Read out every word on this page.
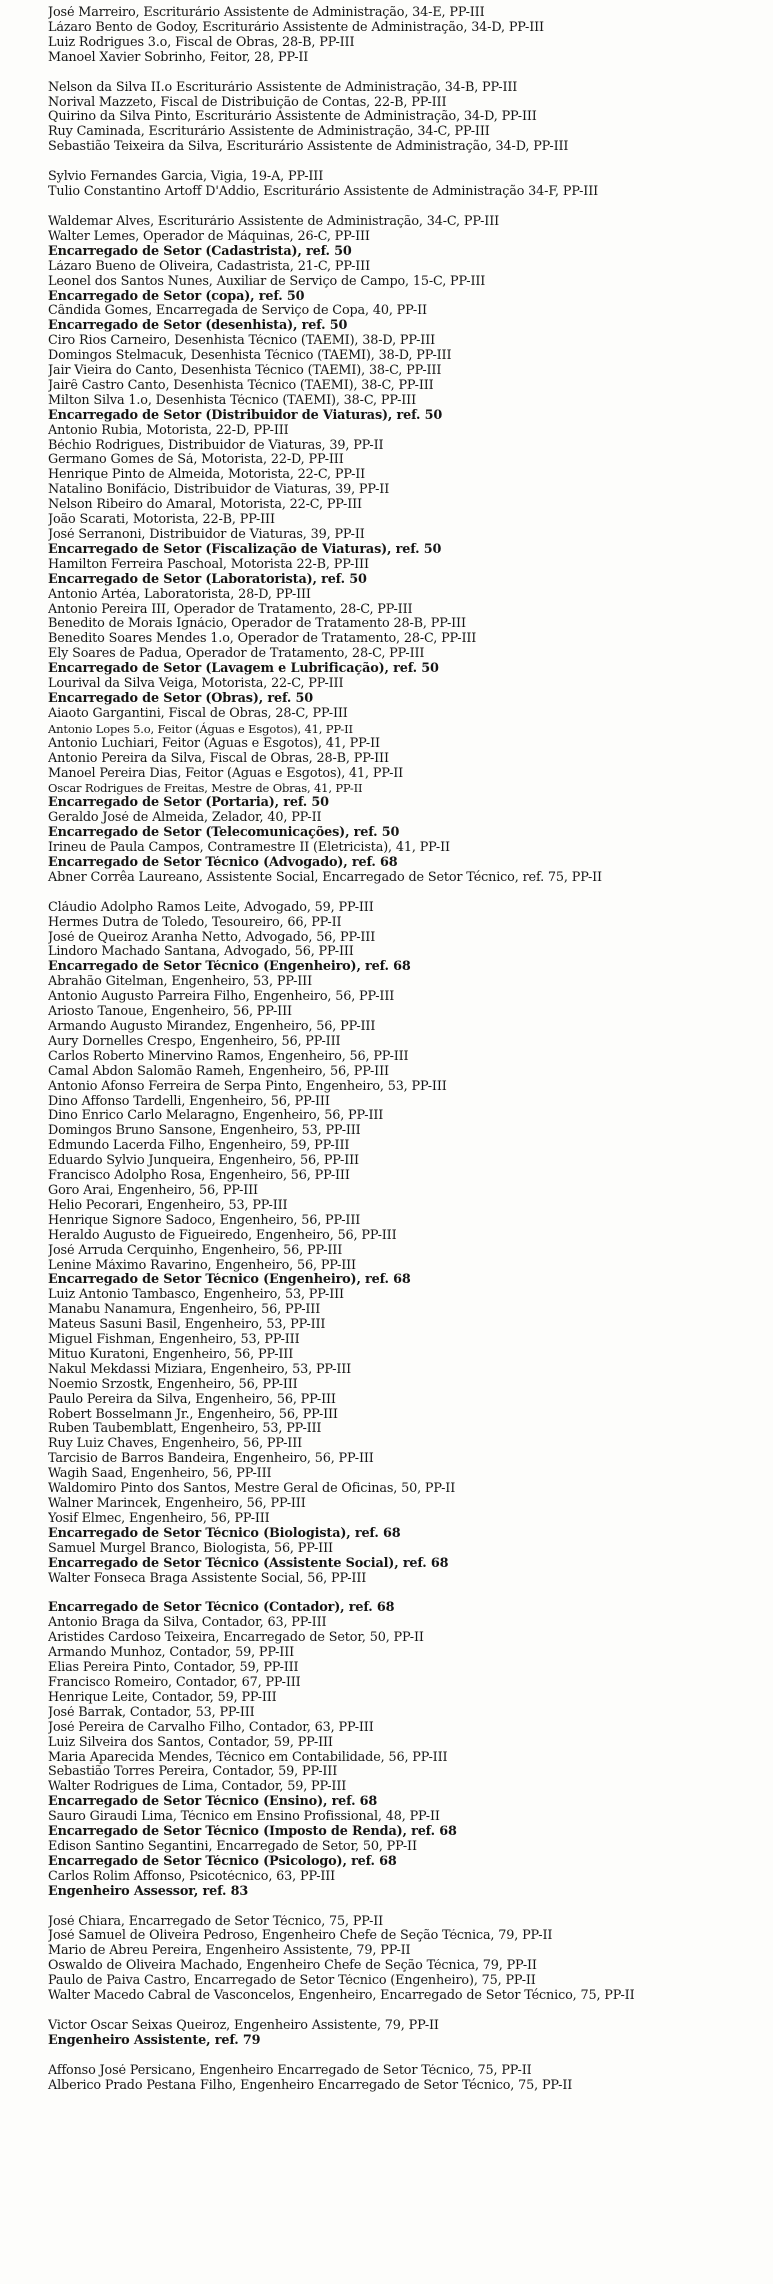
José Marreiro, Escriturário Assistente de Administração, 34-E, PP-III
Lázaro Bento de Godoy, Escriturário Assistente de Administração, 34-D, PP-III
Luiz Rodrigues 3.o, Fiscal de Obras, 28-B, PP-III
Manoel Xavier Sobrinho, Feitor, 28, PP-II
Nelson da Silva II.o Escriturário Assistente de Administração, 34-B, PP-III
Norival Mazzeto, Fiscal de Distribuição de Contas, 22-B, PP-III
Quirino da Silva Pinto, Escriturário Assistente de Administração, 34-D, PP-III
Ruy Caminada, Escriturário Assistente de Administração, 34-C, PP-III
Sebastião Teixeira da Silva, Escriturário Assistente de Administração, 34-D, PP-III
Sylvio Fernandes Garcia, Vigia, 19-A, PP-III
Tulio Constantino Artoff D'Addio, Escriturário Assistente de Administração 34-F, PP-III
Waldemar Alves, Escriturário Assistente de Administração, 34-C, PP-III
Walter Lemes, Operador de Máquinas, 26-C, PP-III
Encarregado de Setor (Cadastrista), ref. 50
Lázaro Bueno de Oliveira, Cadastrista, 21-C, PP-III
Leonel dos Santos Nunes, Auxiliar de Serviço de Campo, 15-C, PP-III
Encarregado de Setor (copa), ref. 50
Cândida Gomes, Encarregada de Serviço de Copa, 40, PP-II
Encarregado de Setor (desenhista), ref. 50
Ciro Rios Carneiro, Desenhista Técnico (TAEMI), 38-D, PP-III
Domingos Stelmacuk, Desenhista Técnico (TAEMI), 38-D, PP-III
Jair Vieira do Canto, Desenhista Técnico (TAEMI), 38-C, PP-III
Jairê Castro Canto, Desenhista Técnico (TAEMI), 38-C, PP-III
Milton Silva 1.o, Desenhista Técnico (TAEMI), 38-C, PP-III
Encarregado de Setor (Distribuidor de Viaturas), ref. 50
Antonio Rubia, Motorista, 22-D, PP-III
Béchio Rodrigues, Distribuidor de Viaturas, 39, PP-II
Germano Gomes de Sá, Motorista, 22-D, PP-III
Henrique Pinto de Almeida, Motorista, 22-C, PP-II
Natalino Bonifácio, Distribuidor de Viaturas, 39, PP-II
Nelson Ribeiro do Amaral, Motorista, 22-C, PP-III
João Scarati, Motorista, 22-B, PP-III
José Serranoni, Distribuidor de Viaturas, 39, PP-II
Encarregado de Setor (Fiscalização de Viaturas), ref. 50
Hamilton Ferreira Paschoal, Motorista 22-B, PP-III
Encarregado de Setor (Laboratorista), ref. 50
Antonio Artéa, Laboratorista, 28-D, PP-III
Antonio Pereira III, Operador de Tratamento, 28-C, PP-III
Benedito de Morais Ignácio, Operador de Tratamento 28-B, PP-III
Benedito Soares Mendes 1.o, Operador de Tratamento, 28-C, PP-III
Ely Soares de Padua, Operador de Tratamento, 28-C, PP-III
Encarregado de Setor (Lavagem e Lubrificação), ref. 50
Lourival da Silva Veiga, Motorista, 22-C, PP-III
Encarregado de Setor (Obras), ref. 50
Aiaoto Gargantini, Fiscal de Obras, 28-C, PP-III
Antonio Lopes 5.o, Feitor (Águas e Esgotos), 41, PP-II
Antonio Luchiari, Feitor (Águas e Esgotos), 41, PP-II
Antonio Pereira da Silva, Fiscal de Obras, 28-B, PP-III
Manoel Pereira Dias, Feitor (Águas e Esgotos), 41, PP-II
Oscar Rodrigues de Freitas, Mestre de Obras, 41, PP-II
Encarregado de Setor (Portaria), ref. 50
Geraldo José de Almeida, Zelador, 40, PP-II
Encarregado de Setor (Telecomunicações), ref. 50
Irineu de Paula Campos, Contramestre II (Eletricista), 41, PP-II
Encarregado de Setor Técnico (Advogado), ref. 68
Abner Corrêa Laureano, Assistente Social, Encarregado de Setor Técnico, ref. 75, PP-II
Cláudio Adolpho Ramos Leite, Advogado, 59, PP-III
Hermes Dutra de Toledo, Tesoureiro, 66, PP-II
José de Queiroz Aranha Netto, Advogado, 56, PP-III
Lindoro Machado Santana, Advogado, 56, PP-III
Encarregado de Setor Técnico (Engenheiro), ref. 68
Abrahão Gitelman, Engenheiro, 53, PP-III
Antonio Augusto Parreira Filho, Engenheiro, 56, PP-III
Ariosto Tanoue, Engenheiro, 56, PP-III
Armando Augusto Mirandez, Engenheiro, 56, PP-III
Aury Dornelles Crespo, Engenheiro, 56, PP-III
Carlos Roberto Minervino Ramos, Engenheiro, 56, PP-III
Camal Abdon Salomão Rameh, Engenheiro, 56, PP-III
Antonio Afonso Ferreira de Serpa Pinto, Engenheiro, 53, PP-III
Dino Affonso Tardelli, Engenheiro, 56, PP-III
Dino Enrico Carlo Melaragno, Engenheiro, 56, PP-III
Domingos Bruno Sansone, Engenheiro, 53, PP-III
Edmundo Lacerda Filho, Engenheiro, 59, PP-III
Eduardo Sylvio Junqueira, Engenheiro, 56, PP-III
Francisco Adolpho Rosa, Engenheiro, 56, PP-III
Goro Arai, Engenheiro, 56, PP-III
Helio Pecorari, Engenheiro, 53, PP-III
Henrique Signore Sadoco, Engenheiro, 56, PP-III
Heraldo Augusto de Figueiredo, Engenheiro, 56, PP-III
José Arruda Cerquinho, Engenheiro, 56, PP-III
Lenine Máximo Ravarino, Engenheiro, 56, PP-III
Encarregado de Setor Técnico (Engenheiro), ref. 68
Luiz Antonio Tambasco, Engenheiro, 53, PP-III
Manabu Nanamura, Engenheiro, 56, PP-III
Mateus Sasuni Basil, Engenheiro, 53, PP-III
Miguel Fishman, Engenheiro, 53, PP-III
Mituo Kuratoni, Engenheiro, 56, PP-III
Nakul Mekdassi Miziara, Engenheiro, 53, PP-III
Noemio Srzostk, Engenheiro, 56, PP-III
Paulo Pereira da Silva, Engenheiro, 56, PP-III
Robert Bosselmann Jr., Engenheiro, 56, PP-III
Ruben Taubemblatt, Engenheiro, 53, PP-III
Ruy Luiz Chaves, Engenheiro, 56, PP-III
Tarcisio de Barros Bandeira, Engenheiro, 56, PP-III
Wagih Saad, Engenheiro, 56, PP-III
Waldomiro Pinto dos Santos, Mestre Geral de Oficinas, 50, PP-II
Walner Marincek, Engenheiro, 56, PP-III
Yosif Elmec, Engenheiro, 56, PP-III
Encarregado de Setor Técnico (Biologista), ref. 68
Samuel Murgel Branco, Biologista, 56, PP-III
Encarregado de Setor Técnico (Assistente Social), ref. 68
Walter Fonseca Braga Assistente Social, 56, PP-III
Encarregado de Setor Técnico (Contador), ref. 68
Antonio Braga da Silva, Contador, 63, PP-III
Aristides Cardoso Teixeira, Encarregado de Setor, 50, PP-II
Armando Munhoz, Contador, 59, PP-III
Elias Pereira Pinto, Contador, 59, PP-III
Francisco Romeiro, Contador, 67, PP-III
Henrique Leite, Contador, 59, PP-III
José Barrak, Contador, 53, PP-III
José Pereira de Carvalho Filho, Contador, 63, PP-III
Luiz Silveira dos Santos, Contador, 59, PP-III
Maria Aparecida Mendes, Técnico em Contabilidade, 56, PP-III
Sebastião Torres Pereira, Contador, 59, PP-III
Walter Rodrigues de Lima, Contador, 59, PP-III
Encarregado de Setor Técnico (Ensino), ref. 68
Sauro Giraudi Lima, Técnico em Ensino Profissional, 48, PP-II
Encarregado de Setor Técnico (Imposto de Renda), ref. 68
Edison Santino Segantini, Encarregado de Setor, 50, PP-II
Encarregado de Setor Técnico (Psicologo), ref. 68
Carlos Rolim Affonso, Psicotécnico, 63, PP-III
Engenheiro Assessor, ref. 83
José Chiara, Encarregado de Setor Técnico, 75, PP-II
José Samuel de Oliveira Pedroso, Engenheiro Chefe de Seção Técnica, 79, PP-II
Mario de Abreu Pereira, Engenheiro Assistente, 79, PP-II
Oswaldo de Oliveira Machado, Engenheiro Chefe de Seção Técnica, 79, PP-II
Paulo de Paiva Castro, Encarregado de Setor Técnico (Engenheiro), 75, PP-II
Walter Macedo Cabral de Vasconcelos, Engenheiro, Encarregado de Setor Técnico, 75, PP-II
Victor Oscar Seixas Queiroz, Engenheiro Assistente, 79, PP-II
Engenheiro Assistente, ref. 79
Affonso José Persicano, Engenheiro Encarregado de Setor Técnico, 75, PP-II
Alberico Prado Pestana Filho, Engenheiro Encarregado de Setor Técnico, 75, PP-II
